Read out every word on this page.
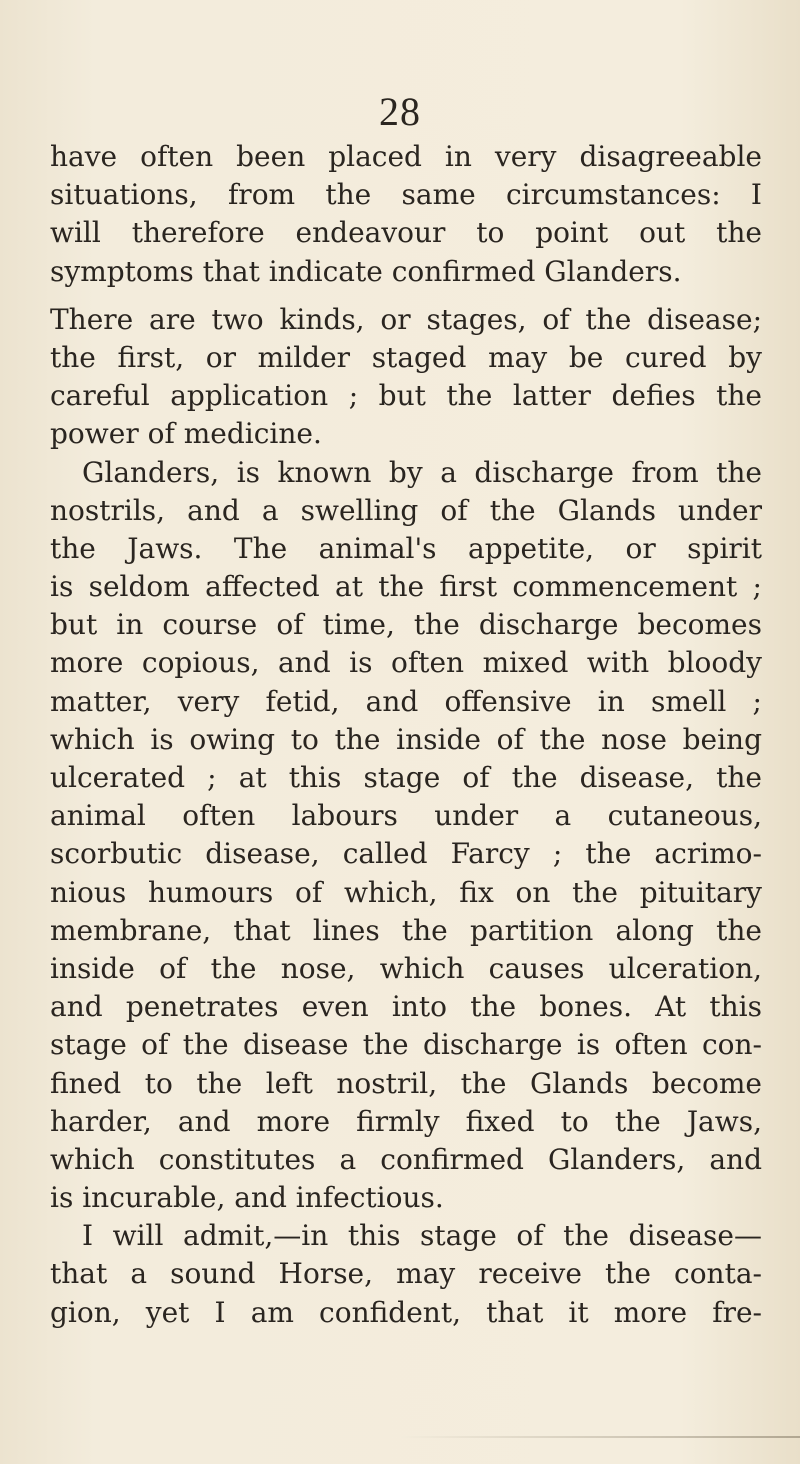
28
have often been placed in very disagreeable
situations, from the same circumstances: I
will therefore endeavour to point out the
symptoms that indicate confirmed Glanders.
There are two kinds, or stages, of the disease;
the first, or milder staged may be cured by
careful application ; but the latter defies the
power of medicine.
Glanders, is known by a discharge from the
nostrils, and a swelling of the Glands under
the Jaws. The animal's appetite, or spirit
is seldom affected at the first commencement ;
but in course of time, the discharge becomes
more copious, and is often mixed with bloody
matter, very fetid, and offensive in smell ;
which is owing to the inside of the nose being
ulcerated ; at this stage of the disease, the
animal often labours under a cutaneous,
scorbutic disease, called Farcy ; the acrimo-
nious humours of which, fix on the pituitary
membrane, that lines the partition along the
inside of the nose, which causes ulceration,
and penetrates even into the bones. At this
stage of the disease the discharge is often con-
fined to the left nostril, the Glands become
harder, and more firmly fixed to the Jaws,
which constitutes a confirmed Glanders, and
is incurable, and infectious.
I will admit,—in this stage of the disease—
that a sound Horse, may receive the conta-
gion, yet I am confident, that it more fre-
